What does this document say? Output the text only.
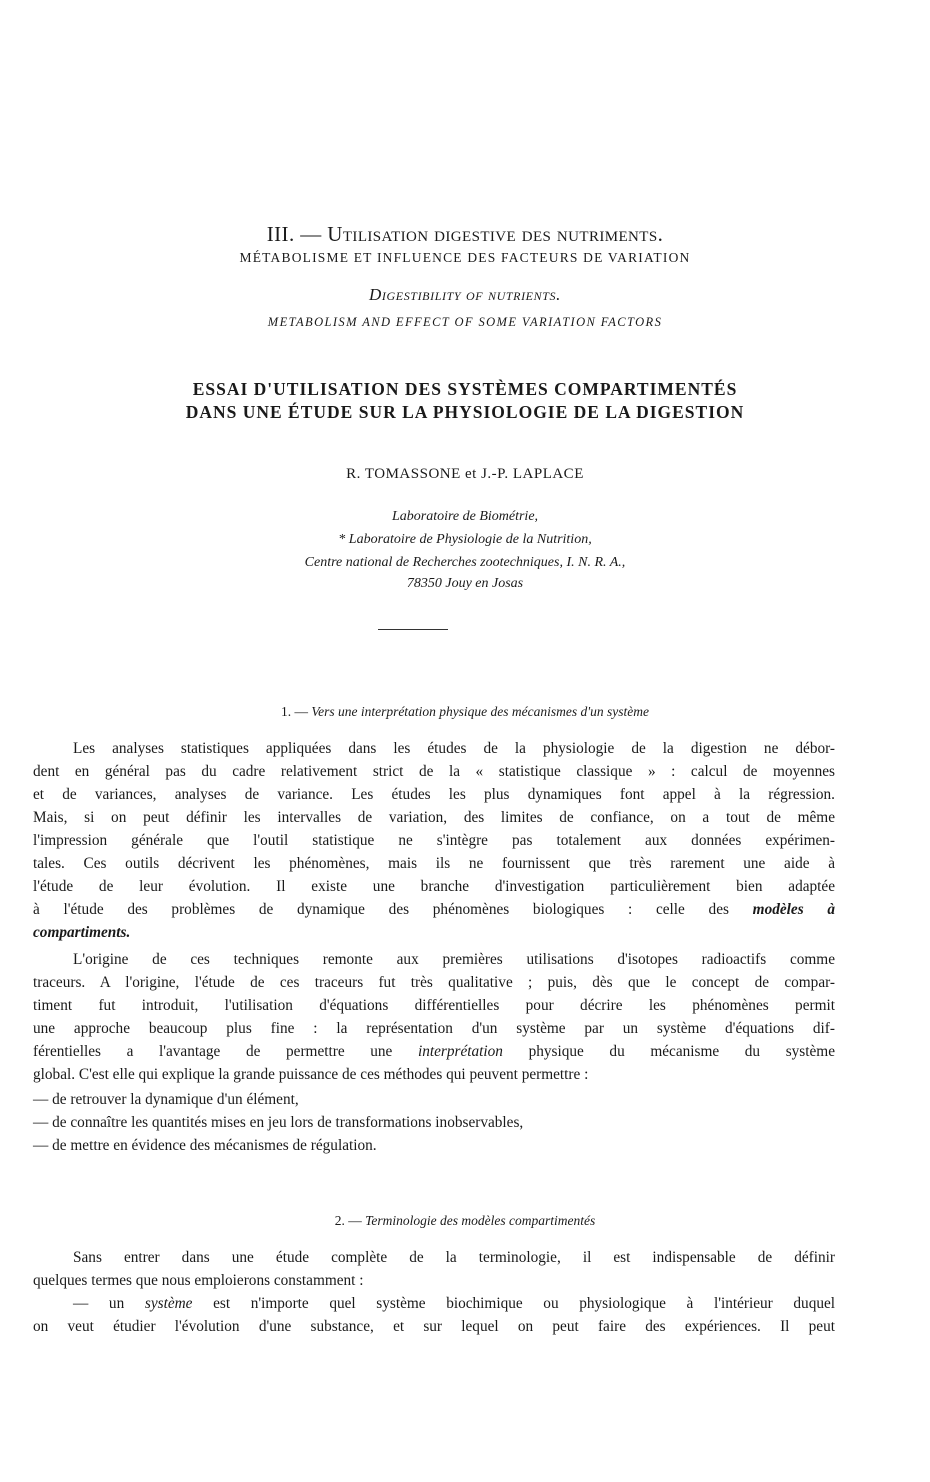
III. — Utilisation digestive des nutriments.

MÉTABOLISME ET INFLUENCE DES FACTEURS DE VARIATION

Digestibility of nutrients.

METABOLISM AND EFFECT OF SOME VARIATION FACTORS

ESSAI D'UTILISATION DES SYSTÈMES COMPARTIMENTÉS
DANS UNE ÉTUDE SUR LA PHYSIOLOGIE DE LA DIGESTION

R. TOMASSONE et J.-P. LAPLACE

Laboratoire de Biométrie,

* Laboratoire de Physiologie de la Nutrition,

Centre national de Recherches zootechniques, I. N. R. A.,

78350 Jouy en Josas

1. — Vers une interprétation physique des mécanismes d'un système

Les analyses statistiques appliquées dans les études de la physiologie de la digestion ne débor-

dent en général pas du cadre relativement strict de la « statistique classique » : calcul de moyennes

et de variances, analyses de variance. Les études les plus dynamiques font appel à la régression.

Mais, si on peut définir les intervalles de variation, des limites de confiance, on a tout de même

l'impression générale que l'outil statistique ne s'intègre pas totalement aux données expérimen-

tales. Ces outils décrivent les phénomènes, mais ils ne fournissent que très rarement une aide à

l'étude de leur évolution. Il existe une branche d'investigation particulièrement bien adaptée

à l'étude des problèmes de dynamique des phénomènes biologiques : celle des modèles à

compartiments.

L'origine de ces techniques remonte aux premières utilisations d'isotopes radioactifs comme

traceurs. A l'origine, l'étude de ces traceurs fut très qualitative ; puis, dès que le concept de compar-

timent fut introduit, l'utilisation d'équations différentielles pour décrire les phénomènes permit

une approche beaucoup plus fine : la représentation d'un système par un système d'équations dif-

férentielles a l'avantage de permettre une interprétation physique du mécanisme du système

global. C'est elle qui explique la grande puissance de ces méthodes qui peuvent permettre :

— de retrouver la dynamique d'un élément,

— de connaître les quantités mises en jeu lors de transformations inobservables,

— de mettre en évidence des mécanismes de régulation.

2. — Terminologie des modèles compartimentés

Sans entrer dans une étude complète de la terminologie, il est indispensable de définir

quelques termes que nous emploierons constamment :

— un système est n'importe quel système biochimique ou physiologique à l'intérieur duquel

on veut étudier l'évolution d'une substance, et sur lequel on peut faire des expériences. Il peut
